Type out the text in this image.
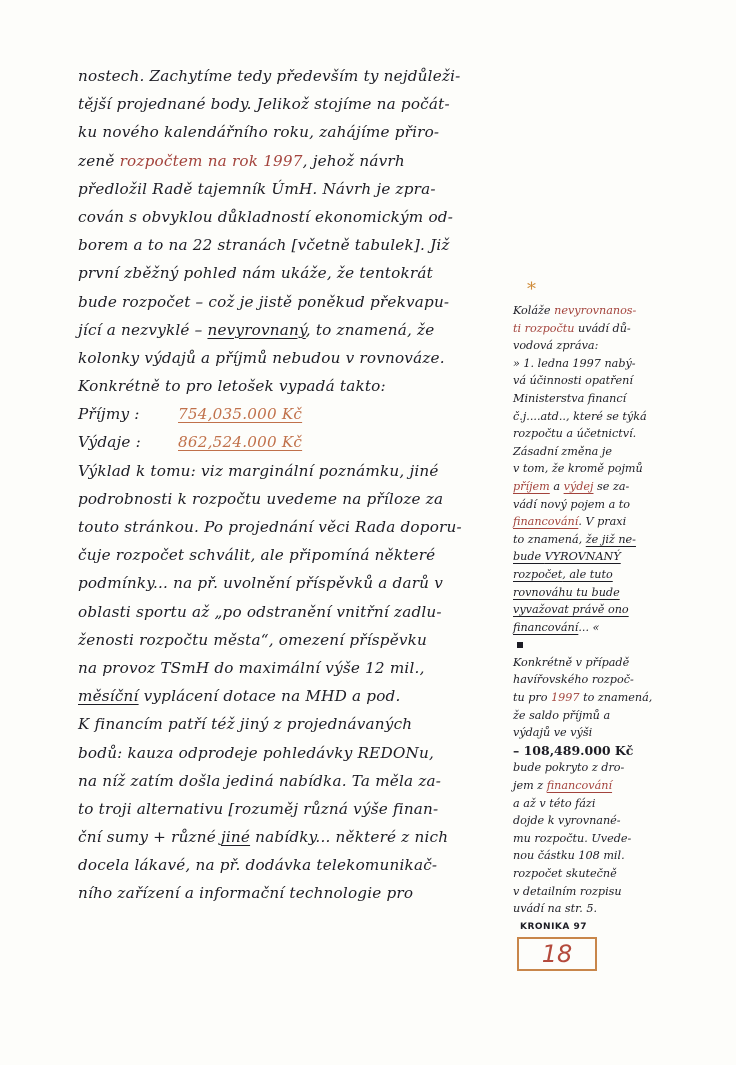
nostech. Zachytíme tedy především ty nejdůleži-
tější projednané body. Jelikož stojíme na počát-
ku nového kalendářního roku, zahájíme přiro-
zeně rozpočtem na rok 1997, jehož návrh
předložil Radě tajemník ÚmH. Návrh je zpra-
cován s obvyklou důkladností ekonomickým od-
borem a to na 22 stranách [včetně tabulek]. Již
první zběžný pohled nám ukáže, že tentokrát
bude rozpočet – což je jistě poněkud překvapu-
jící a nezvyklé – nevyrovnaný, to znamená, že
kolonky výdajů a příjmů nebudou v rovnováze.
Konkrétně to pro letošek vypadá takto:
Příjmy :	754,035.000 Kč
Výdaje : 862,524.000 Kč
Výklad k tomu: viz marginální poznámku, jiné
podrobnosti k rozpočtu uvedeme na příloze za
touto stránkou. Po projednání věci Rada doporu-
čuje rozpočet schválit, ale připomíná některé
podmínky... na př. uvolnění příspěvků a darů v
oblasti sportu až „po odstranění vnitřní zadlu-
ženosti rozpočtu města“, omezení příspěvku
na provoz TSmH do maximální výše 12 mil.,
měsíční vyplácení dotace na MHD a pod.
K financím patří též jiný z projednávaných
bodů: kauza odprodeje pohledávky REDONu,
na níž zatím došla jediná nabídka. Ta měla za-
to troji alternativu [rozuměj různá výše finan-
ční sumy + různé jiné nabídky... některé z nich
docela lákavé, na př. dodávka telekomunikač-
ního zařízení a informační technologie pro
*
Koláže nevyrovnanos-
ti rozpočtu uvádí dů-
vodová zpráva:
» 1. ledna 1997 nabý-
vá účinnosti opatření
Ministerstva financí
č.j....atd.., které se týká
rozpočtu a účetnictví.
Zásadní změna je
v tom, že kromě pojmů
příjem a výdej se za-
vádí nový pojem a to
financování. V praxi
to znamená, že již ne-
bude VYROVNANÝ
rozpočet, ale tuto
rovnováhu tu bude
vyvažovat právě ono
financování... «
Konkrétně v případě
havířovského rozpoč-
tu pro 1997 to znamená,
že saldo příjmů a
výdajů ve výši
– 108,489.000 Kč
bude pokryto z dro-
jem z financování
a až v této fázi
dojde k vyrovnané-
mu rozpočtu. Uvede-
nou částku 108 mil.
rozpočet skutečně
v detailním rozpisu
uvádí na str. 5.
KRONIKA 97
18
